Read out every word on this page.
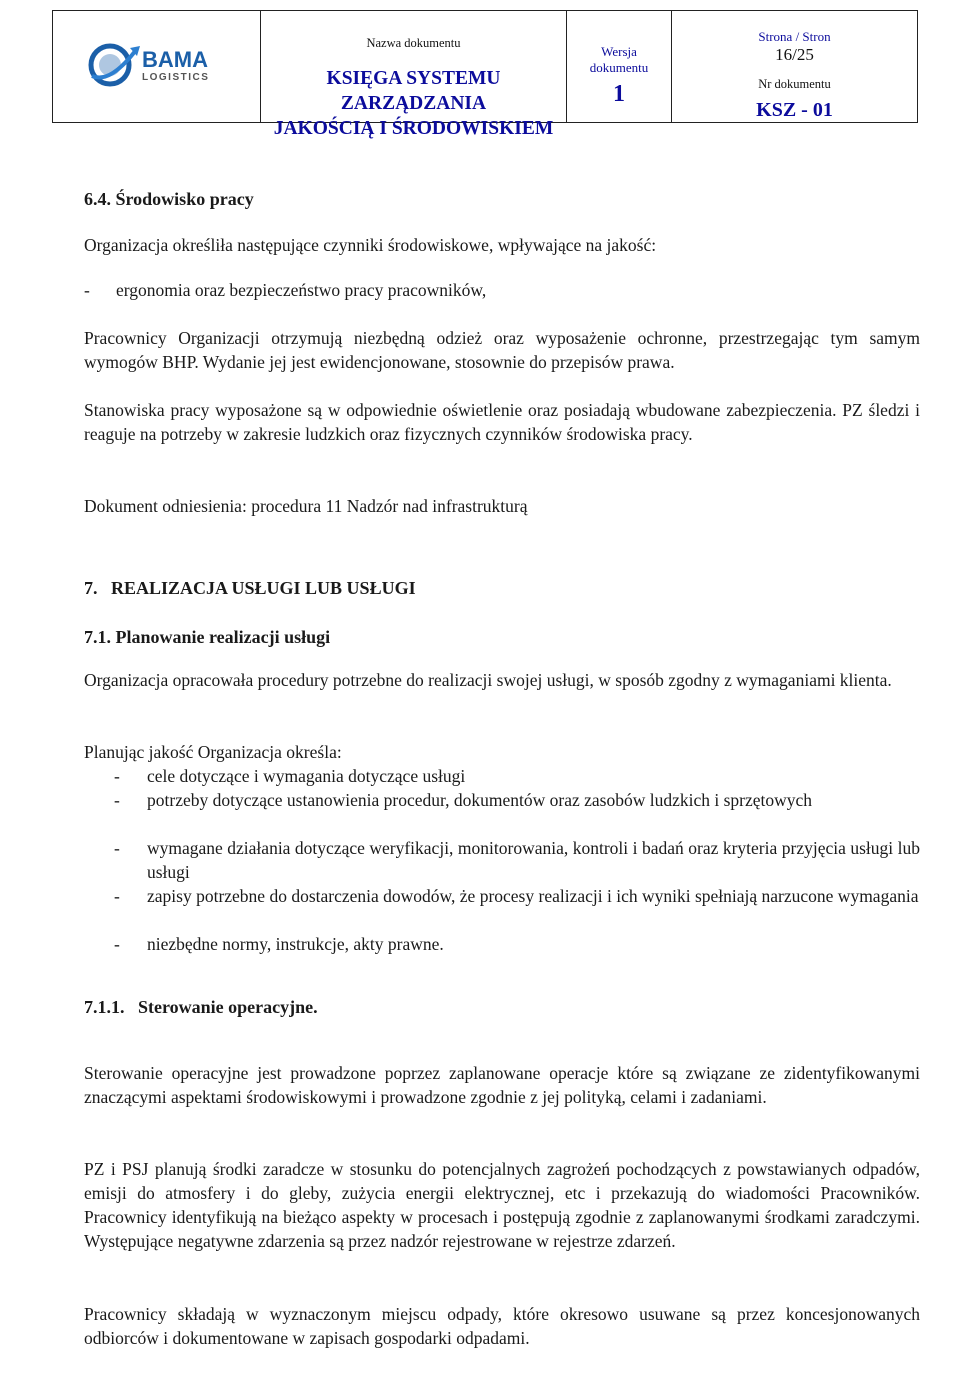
BAMA
LOGISTICS

Nazwa dokumentu
KSIĘGA SYSTEMU ZARZĄDZANIA
JAKOŚCIĄ I ŚRODOWISKIEM

Wersja
dokumentu
1

Strona / Stron
16/25
Nr dokumentu
KSZ - 01
6.4. Środowisko pracy

Organizacja określiła następujące czynniki środowiskowe, wpływające na jakość:

- ergonomia oraz bezpieczeństwo pracy pracowników,

Pracownicy Organizacji otrzymują niezbędną odzież oraz wyposażenie ochronne, przestrzegając tym samym wymogów BHP. Wydanie jej jest ewidencjonowane, stosownie do przepisów prawa.

Stanowiska pracy wyposażone są w odpowiednie oświetlenie oraz posiadają wbudowane zabezpieczenia. PZ śledzi i reaguje na potrzeby w zakresie ludzkich oraz fizycznych czynników środowiska pracy.

Dokument odniesienia: procedura 11 Nadzór nad infrastrukturą

7.   REALIZACJA USŁUGI LUB USŁUGI
7.1. Planowanie realizacji usługi

Organizacja opracowała procedury potrzebne do realizacji swojej usługi, w sposób zgodny z wymaganiami klienta.

Planując jakość Organizacja określa:

- cele dotyczące i wymagania dotyczące usługi
- potrzeby dotyczące ustanowienia procedur, dokumentów oraz zasobów ludzkich i sprzętowych
- wymagane działania dotyczące weryfikacji, monitorowania, kontroli i badań oraz kryteria przyjęcia usługi lub usługi
- zapisy potrzebne do dostarczenia dowodów, że procesy realizacji i ich wyniki spełniają narzucone wymagania
- niezbędne normy, instrukcje, akty prawne.
7.1.1.   Sterowanie operacyjne.

Sterowanie operacyjne jest prowadzone poprzez zaplanowane operacje które są związane ze zidentyfikowanymi znaczącymi aspektami środowiskowymi i prowadzone zgodnie z jej polityką, celami i zadaniami.

PZ i PSJ planują środki zaradcze w stosunku do potencjalnych zagrożeń pochodzących z powstawianych odpadów, emisji do atmosfery i do gleby, zużycia energii elektrycznej, etc i przekazują do wiadomości Pracowników. Pracownicy identyfikują na bieżąco aspekty w procesach i postępują zgodnie z zaplanowanymi środkami zaradczymi. Występujące negatywne zdarzenia są przez nadzór rejestrowane w rejestrze zdarzeń.

Pracownicy składają w wyznaczonym miejscu odpady, które okresowo usuwane są przez koncesjonowanych odbiorców i dokumentowane w zapisach gospodarki odpadami.
